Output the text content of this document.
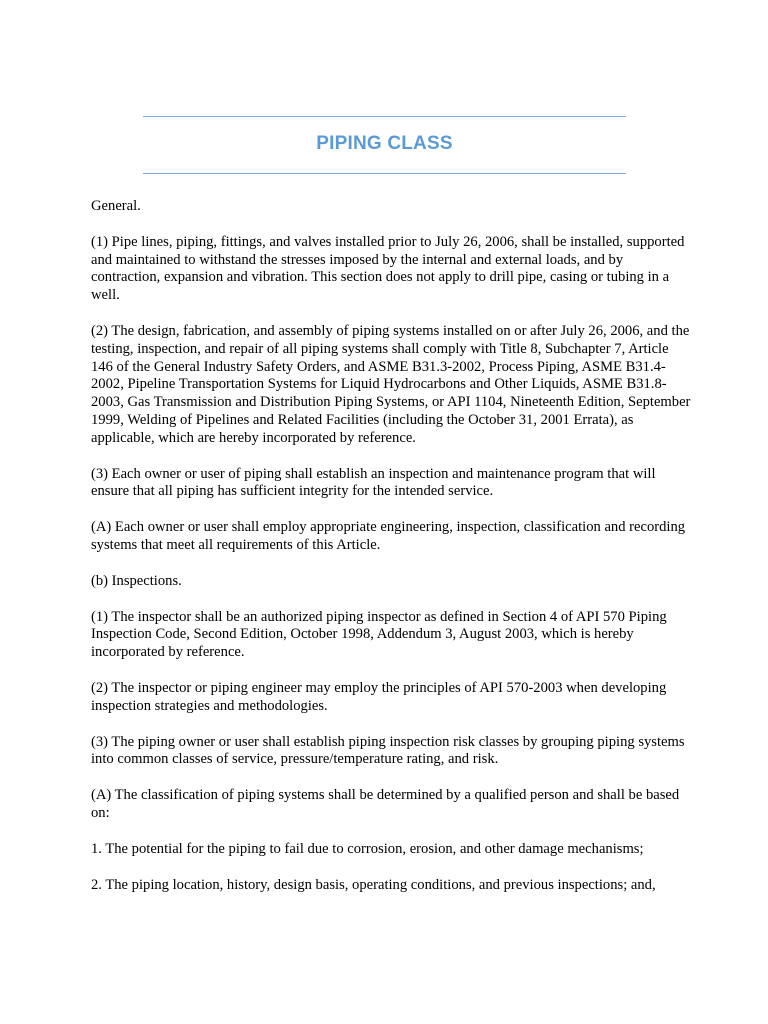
PIPING CLASS

General.

(1) Pipe lines, piping, fittings, and valves installed prior to July 26, 2006, shall be installed, supported and maintained to withstand the stresses imposed by the internal and external loads, and by contraction, expansion and vibration. This section does not apply to drill pipe, casing or tubing in a well.

(2) The design, fabrication, and assembly of piping systems installed on or after July 26, 2006, and the testing, inspection, and repair of all piping systems shall comply with Title 8, Subchapter 7, Article 146 of the General Industry Safety Orders, and ASME B31.3-2002, Process Piping, ASME B31.4- 2002, Pipeline Transportation Systems for Liquid Hydrocarbons and Other Liquids, ASME B31.8- 2003, Gas Transmission and Distribution Piping Systems, or API 1104, Nineteenth Edition, September 1999, Welding of Pipelines and Related Facilities (including the October 31, 2001 Errata), as applicable, which are hereby incorporated by reference.

(3) Each owner or user of piping shall establish an inspection and maintenance program that will ensure that all piping has sufficient integrity for the intended service.

(A) Each owner or user shall employ appropriate engineering, inspection, classification and recording systems that meet all requirements of this Article.

(b) Inspections.

(1) The inspector shall be an authorized piping inspector as defined in Section 4 of API 570 Piping Inspection Code, Second Edition, October 1998, Addendum 3, August 2003, which is hereby incorporated by reference.

(2) The inspector or piping engineer may employ the principles of API 570-2003 when developing inspection strategies and methodologies.

(3) The piping owner or user shall establish piping inspection risk classes by grouping piping systems into common classes of service, pressure/temperature rating, and risk.

(A) The classification of piping systems shall be determined by a qualified person and shall be based on:

1. The potential for the piping to fail due to corrosion, erosion, and other damage mechanisms;

2. The piping location, history, design basis, operating conditions, and previous inspections; and,
